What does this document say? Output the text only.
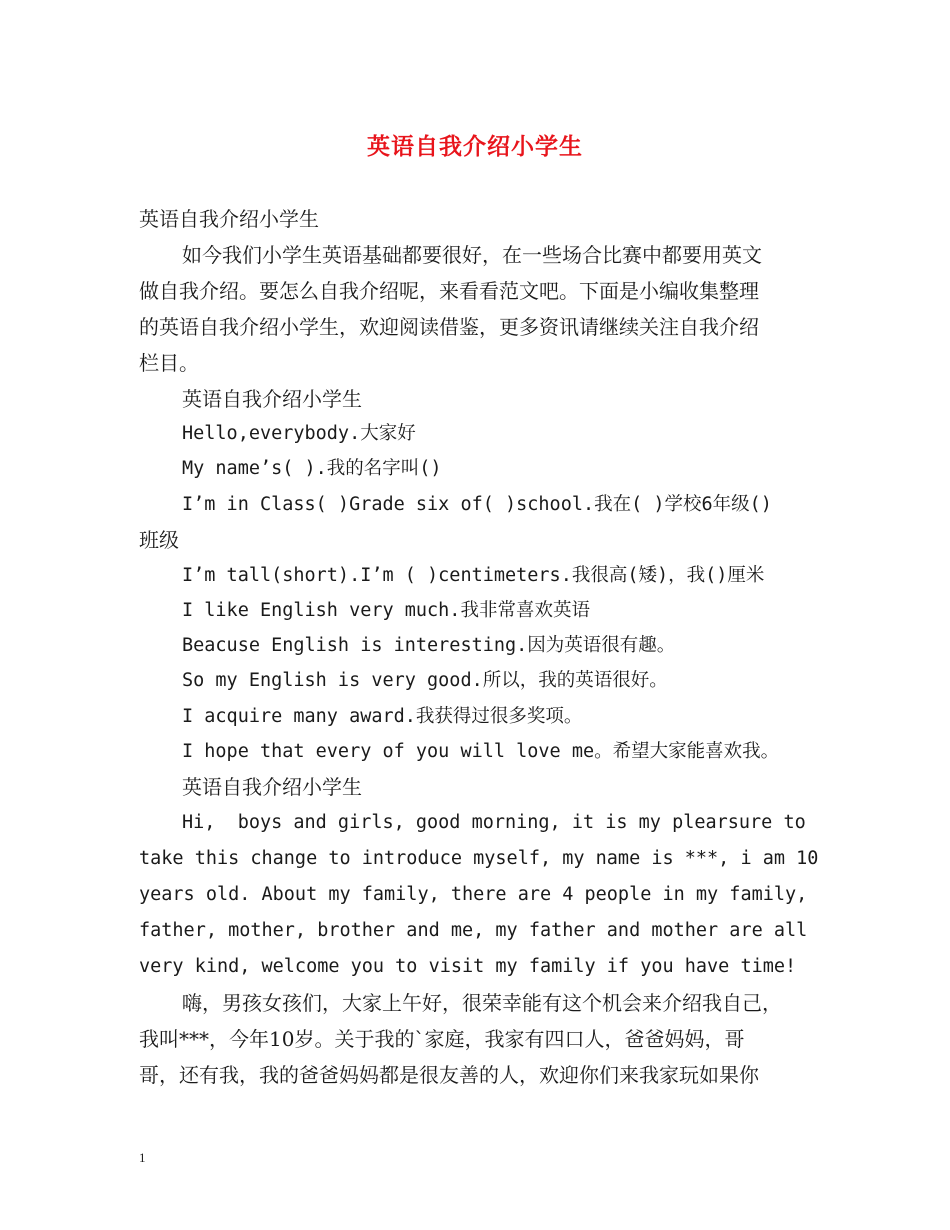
英语自我介绍小学生
英语自我介绍小学生
如今我们小学生英语基础都要很好，在一些场合比赛中都要用英文
做自我介绍。要怎么自我介绍呢，来看看范文吧。下面是小编收集整理
的英语自我介绍小学生，欢迎阅读借鉴，更多资讯请继续关注自我介绍
栏目。
英语自我介绍小学生
Hello,everybody.大家好
My name’s( ).我的名字叫()
I’m in Class( )Grade six of( )school.我在( )学校6年级()
班级
I’m tall(short).I’m ( )centimeters.我很高(矮)，我()厘米
I like English very much.我非常喜欢英语
Beacuse English is interesting.因为英语很有趣。
So my English is very good.所以，我的英语很好。
I acquire many award.我获得过很多奖项。
I hope that every of you will love me。希望大家能喜欢我。
英语自我介绍小学生
Hi,  boys and girls, good morning, it is my plearsure to
take this change to introduce myself, my name is ***, i am 10
years old. About my family, there are 4 people in my family,
father, mother, brother and me, my father and mother are all
very kind, welcome you to visit my family if you have time!
嗨，男孩女孩们，大家上午好，很荣幸能有这个机会来介绍我自己，
我叫***，今年10岁。关于我的`家庭，我家有四口人，爸爸妈妈，哥
哥，还有我，我的爸爸妈妈都是很友善的人，欢迎你们来我家玩如果你
1
